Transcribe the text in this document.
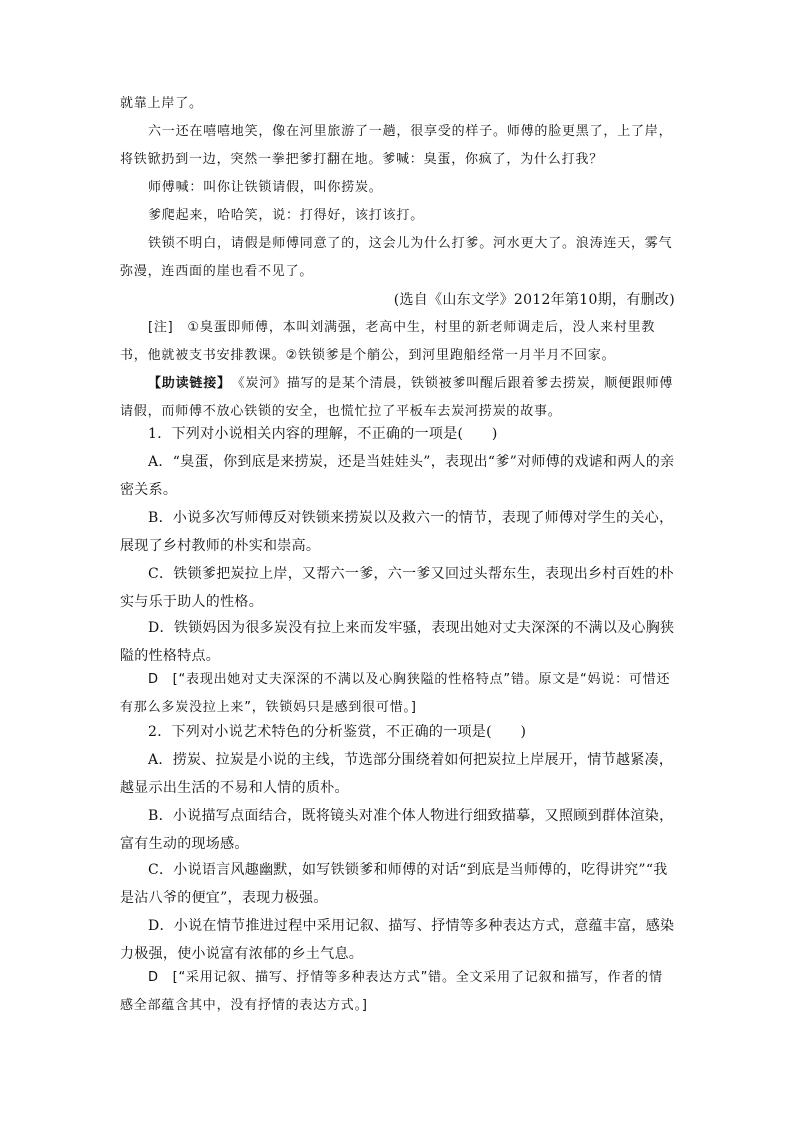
就靠上岸了。

六一还在嘻嘻地笑，像在河里旅游了一趟，很享受的样子。师傅的脸更黑了，上了岸，将铁锨扔到一边，突然一拳把爹打翻在地。爹喊：臭蛋，你疯了，为什么打我？

师傅喊：叫你让铁锁请假，叫你捞炭。

爹爬起来，哈哈笑，说：打得好，该打该打。

铁锁不明白，请假是师傅同意了的，这会儿为什么打爹。河水更大了。浪涛连天，雾气弥漫，连西面的崖也看不见了。

(选自《山东文学》2012年第10期，有删改)

[注]　 ①臭蛋即师傅，本叫刘满强，老高中生，村里的新老师调走后，没人来村里教书，他就被支书安排教课。②铁锁爹是个艄公，到河里跑船经常一月半月不回家。

【助读链接】　 《炭河》描写的是某个清晨，铁锁被爹叫醒后跟着爹去捞炭，顺便跟师傅请假，而师傅不放心铁锁的安全，也慌忙拉了平板车去炭河捞炭的故事。

1．下列对小说相关内容的理解，不正确的一项是(　　)

A．“臭蛋，你到底是来捞炭，还是当娃娃头”，表现出“爹”对师傅的戏谑和两人的亲密关系。

B．小说多次写师傅反对铁锁来捞炭以及救六一的情节，表现了师傅对学生的关心，展现了乡村教师的朴实和崇高。

C．铁锁爹把炭拉上岸，又帮六一爹，六一爹又回过头帮东生，表现出乡村百姓的朴实与乐于助人的性格。

D．铁锁妈因为很多炭没有拉上来而发牢骚，表现出她对丈夫深深的不满以及心胸狭隘的性格特点。

D　[“表现出她对丈夫深深的不满以及心胸狭隘的性格特点”错。原文是“妈说：可惜还有那么多炭没拉上来”，铁锁妈只是感到很可惜。]

2．下列对小说艺术特色的分析鉴赏，不正确的一项是(　　)

A．捞炭、拉炭是小说的主线，节选部分围绕着如何把炭拉上岸展开，情节越紧凑，越显示出生活的不易和人情的质朴。

B．小说描写点面结合，既将镜头对准个体人物进行细致描摹，又照顾到群体渲染，富有生动的现场感。

C．小说语言风趣幽默，如写铁锁爹和师傅的对话“到底是当师傅的，吃得讲究”“我是沾八爷的便宜”，表现力极强。

D．小说在情节推进过程中采用记叙、描写、抒情等多种表达方式，意蕴丰富，感染力极强，使小说富有浓郁的乡土气息。

D　[“采用记叙、描写、抒情等多种表达方式”错。全文采用了记叙和描写，作者的情感全部蕴含其中，没有抒情的表达方式。]
